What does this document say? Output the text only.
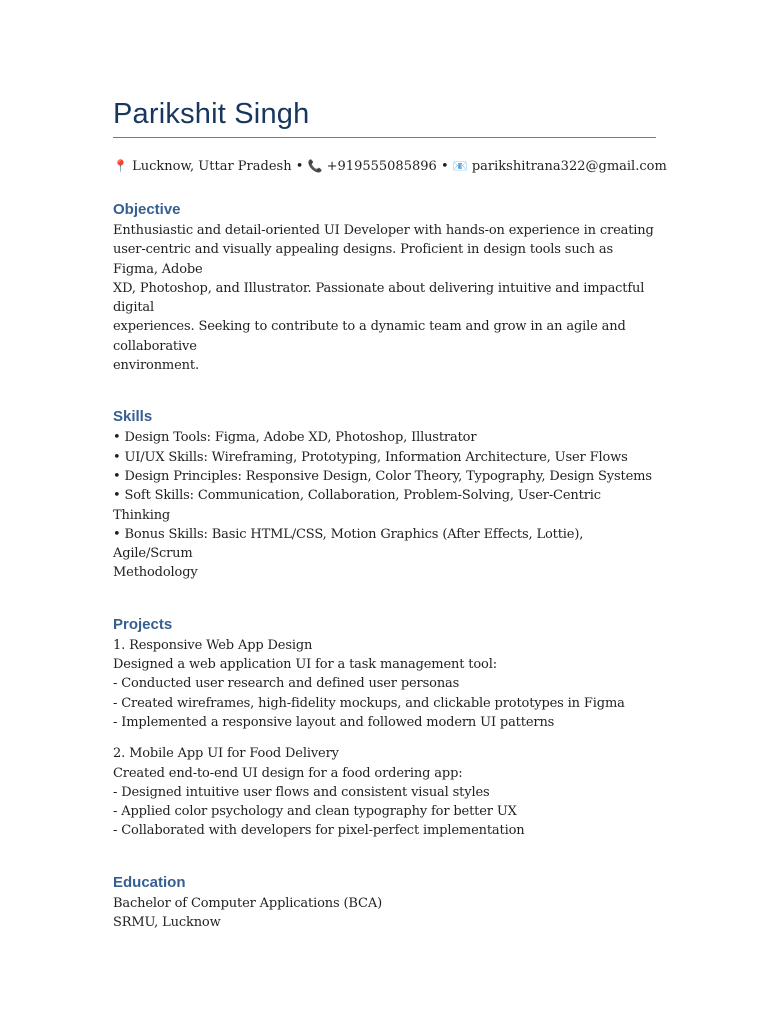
Parikshit Singh
📍 Lucknow, Uttar Pradesh • 📞 +919555085896 • 📧 parikshitrana322@gmail.com
Objective

Enthusiastic and detail-oriented UI Developer with hands-on experience in creating
user-centric and visually appealing designs. Proficient in design tools such as Figma, Adobe
XD, Photoshop, and Illustrator. Passionate about delivering intuitive and impactful digital
experiences. Seeking to contribute to a dynamic team and grow in an agile and collaborative
environment.

Skills

• Design Tools: Figma, Adobe XD, Photoshop, Illustrator
• UI/UX Skills: Wireframing, Prototyping, Information Architecture, User Flows
• Design Principles: Responsive Design, Color Theory, Typography, Design Systems
• Soft Skills: Communication, Collaboration, Problem-Solving, User-Centric Thinking
• Bonus Skills: Basic HTML/CSS, Motion Graphics (After Effects, Lottie), Agile/Scrum
Methodology

Projects

1. Responsive Web App Design
Designed a web application UI for a task management tool:
- Conducted user research and defined user personas
- Created wireframes, high-fidelity mockups, and clickable prototypes in Figma
- Implemented a responsive layout and followed modern UI patterns

2. Mobile App UI for Food Delivery
Created end-to-end UI design for a food ordering app:
- Designed intuitive user flows and consistent visual styles
- Applied color psychology and clean typography for better UX
- Collaborated with developers for pixel-perfect implementation

Education

Bachelor of Computer Applications (BCA)
SRMU, Lucknow
